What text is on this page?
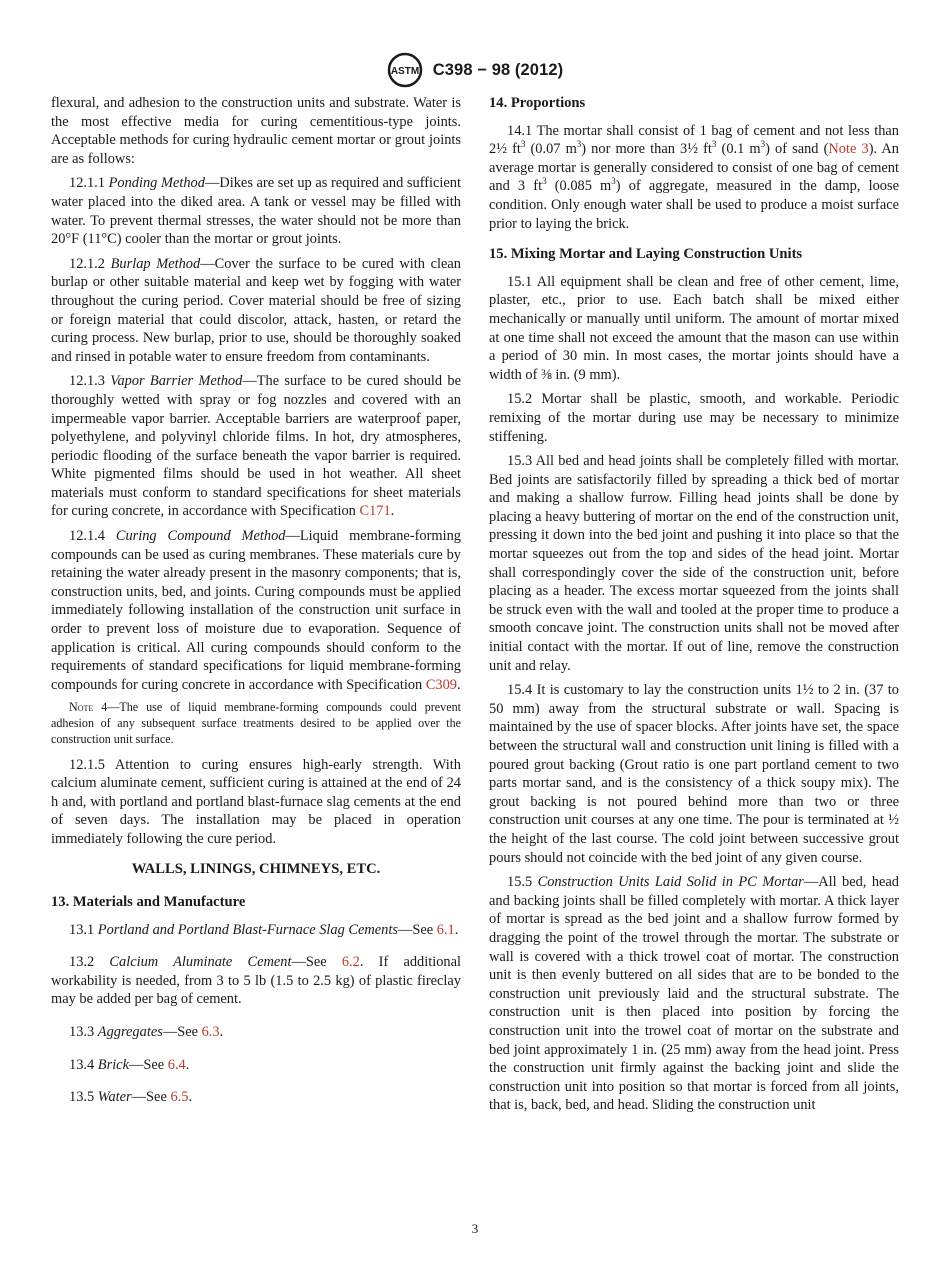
ASTM C398 − 98 (2012)

flexural, and adhesion to the construction units and substrate. Water is the most effective media for curing cementitious-type joints. Acceptable methods for curing hydraulic cement mortar or grout joints are as follows:

12.1.1 Ponding Method—Dikes are set up as required and sufficient water placed into the diked area. A tank or vessel may be filled with water. To prevent thermal stresses, the water should not be more than 20°F (11°C) cooler than the mortar or grout joints.

12.1.2 Burlap Method—Cover the surface to be cured with clean burlap or other suitable material and keep wet by fogging with water throughout the curing period. Cover material should be free of sizing or foreign material that could discolor, attack, hasten, or retard the curing process. New burlap, prior to use, should be thoroughly soaked and rinsed in potable water to ensure freedom from contaminants.

12.1.3 Vapor Barrier Method—The surface to be cured should be thoroughly wetted with spray or fog nozzles and covered with an impermeable vapor barrier. Acceptable barriers are waterproof paper, polyethylene, and polyvinyl chloride films. In hot, dry atmospheres, periodic flooding of the surface beneath the vapor barrier is required. White pigmented films should be used in hot weather. All sheet materials must conform to standard specifications for sheet materials for curing concrete, in accordance with Specification C171.

12.1.4 Curing Compound Method—Liquid membrane-forming compounds can be used as curing membranes. These materials cure by retaining the water already present in the masonry components; that is, construction units, bed, and joints. Curing compounds must be applied immediately following installation of the construction unit surface in order to prevent loss of moisture due to evaporation. Sequence of application is critical. All curing compounds should conform to the requirements of standard specifications for liquid membrane-forming compounds for curing concrete in accordance with Specification C309.

Note 4—The use of liquid membrane-forming compounds could prevent adhesion of any subsequent surface treatments desired to be applied over the construction unit surface.

12.1.5 Attention to curing ensures high-early strength. With calcium aluminate cement, sufficient curing is attained at the end of 24 h and, with portland and portland blast-furnace slag cements at the end of seven days. The installation may be placed in operation immediately following the cure period.

WALLS, LININGS, CHIMNEYS, ETC.
13. Materials and Manufacture

13.1 Portland and Portland Blast-Furnace Slag Cements—See 6.1.

13.2 Calcium Aluminate Cement—See 6.2. If additional workability is needed, from 3 to 5 lb (1.5 to 2.5 kg) of plastic fireclay may be added per bag of cement.

13.3 Aggregates—See 6.3.

13.4 Brick—See 6.4.

13.5 Water—See 6.5.

14. Proportions

14.1 The mortar shall consist of 1 bag of cement and not less than 2½ $ft^3$ (0.07 $m^3$) nor more than 3½ $ft^3$ (0.1 $m^3$) of sand (Note 3). An average mortar is generally considered to consist of one bag of cement and 3 $ft^3$ (0.085 $m^3$) of aggregate, measured in the damp, loose condition. Only enough water shall be used to produce a moist surface prior to laying the brick.

15. Mixing Mortar and Laying Construction Units

15.1 All equipment shall be clean and free of other cement, lime, plaster, etc., prior to use. Each batch shall be mixed either mechanically or manually until uniform. The amount of mortar mixed at one time shall not exceed the amount that the mason can use within a period of 30 min. In most cases, the mortar joints should have a width of ⅜ in. (9 mm).

15.2 Mortar shall be plastic, smooth, and workable. Periodic remixing of the mortar during use may be necessary to minimize stiffening.

15.3 All bed and head joints shall be completely filled with mortar. Bed joints are satisfactorily filled by spreading a thick bed of mortar and making a shallow furrow. Filling head joints shall be done by placing a heavy buttering of mortar on the end of the construction unit, pressing it down into the bed joint and pushing it into place so that the mortar squeezes out from the top and sides of the head joint. Mortar shall correspondingly cover the side of the construction unit, before placing as a header. The excess mortar squeezed from the joints shall be struck even with the wall and tooled at the proper time to produce a smooth concave joint. The construction units shall not be moved after initial contact with the mortar. If out of line, remove the construction unit and relay.

15.4 It is customary to lay the construction units 1½ to 2 in. (37 to 50 mm) away from the structural substrate or wall. Spacing is maintained by the use of spacer blocks. After joints have set, the space between the structural wall and construction unit lining is filled with a poured grout backing (Grout ratio is one part portland cement to two parts mortar sand, and is the consistency of a thick soupy mix). The grout backing is not poured behind more than two or three construction unit courses at any one time. The pour is terminated at ½ the height of the last course. The cold joint between successive grout pours should not coincide with the bed joint of any given course.

15.5 Construction Units Laid Solid in PC Mortar—All bed, head and backing joints shall be filled completely with mortar. A thick layer of mortar is spread as the bed joint and a shallow furrow formed by dragging the point of the trowel through the mortar. The substrate or wall is covered with a thick trowel coat of mortar. The construction unit is then evenly buttered on all sides that are to be bonded to the construction unit previously laid and the structural substrate. The construction unit is then placed into position by forcing the construction unit into the trowel coat of mortar on the substrate and bed joint approximately 1 in. (25 mm) away from the head joint. Press the construction unit firmly against the backing joint and slide the construction unit into position so that mortar is forced from all joints, that is, back, bed, and head. Sliding the construction unit

3
